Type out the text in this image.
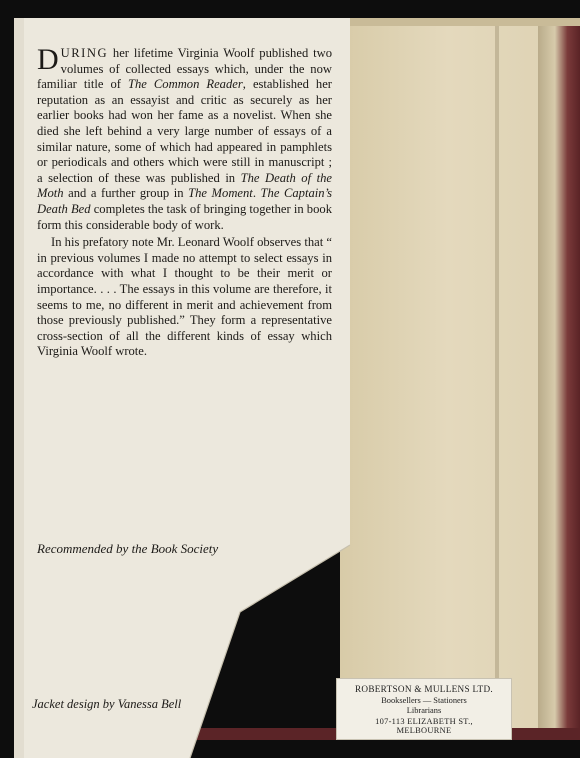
DURING her lifetime Virginia Woolf published two volumes of collected essays which, under the now familiar title of The Common Reader, established her reputation as an essayist and critic as securely as her earlier books had won her fame as a novelist. When she died she left behind a very large number of essays of a similar nature, some of which had appeared in pamphlets or periodicals and others which were still in manuscript ; a selection of these was published in The Death of the Moth and a further group in The Moment. The Captain’s Death Bed completes the task of bringing together in book form this considerable body of work.

In his prefatory note Mr. Leonard Woolf observes that “ in previous volumes I made no attempt to select essays in accordance with what I thought to be their merit or importance. . . . The essays in this volume are therefore, it seems to me, no different in merit and achievement from those previously published.” They form a representative cross-section of all the different kinds of essay which Virginia Woolf wrote.

Recommended by the Book Society
Jacket design by Vanessa Bell
ROBERTSON & MULLENS LTD.
Booksellers — Stationers
Librarians
107-113 ELIZABETH ST.,
MELBOURNE
